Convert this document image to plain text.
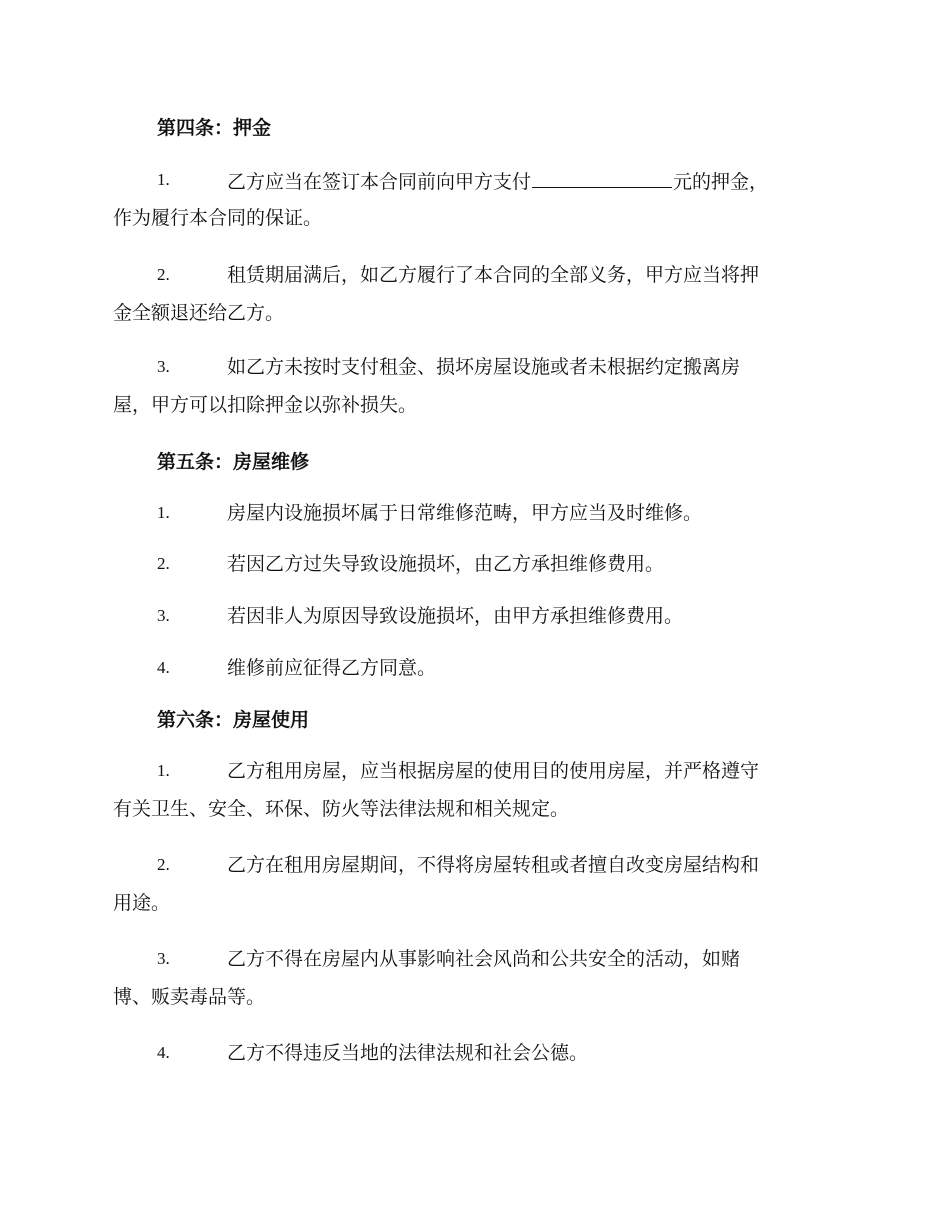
第四条：押金
1.	乙方应当在签订本合同前向甲方支付	元的押金，
作为履行本合同的保证。
2.	租赁期届满后，如乙方履行了本合同的全部义务，甲方应当将押
金全额退还给乙方。
3.	如乙方未按时支付租金、损坏房屋设施或者未根据约定搬离房
屋，甲方可以扣除押金以弥补损失。
第五条：房屋维修
1.	房屋内设施损坏属于日常维修范畴，甲方应当及时维修。
2.	若因乙方过失导致设施损坏，由乙方承担维修费用。
3.	若因非人为原因导致设施损坏，由甲方承担维修费用。
4.	维修前应征得乙方同意。
第六条：房屋使用
1.	乙方租用房屋，应当根据房屋的使用目的使用房屋，并严格遵守
有关卫生、安全、环保、防火等法律法规和相关规定。
2.	乙方在租用房屋期间，不得将房屋转租或者擅自改变房屋结构和
用途。
3.	乙方不得在房屋内从事影响社会风尚和公共安全的活动，如赌
博、贩卖毒品等。
4.	乙方不得违反当地的法律法规和社会公德。
